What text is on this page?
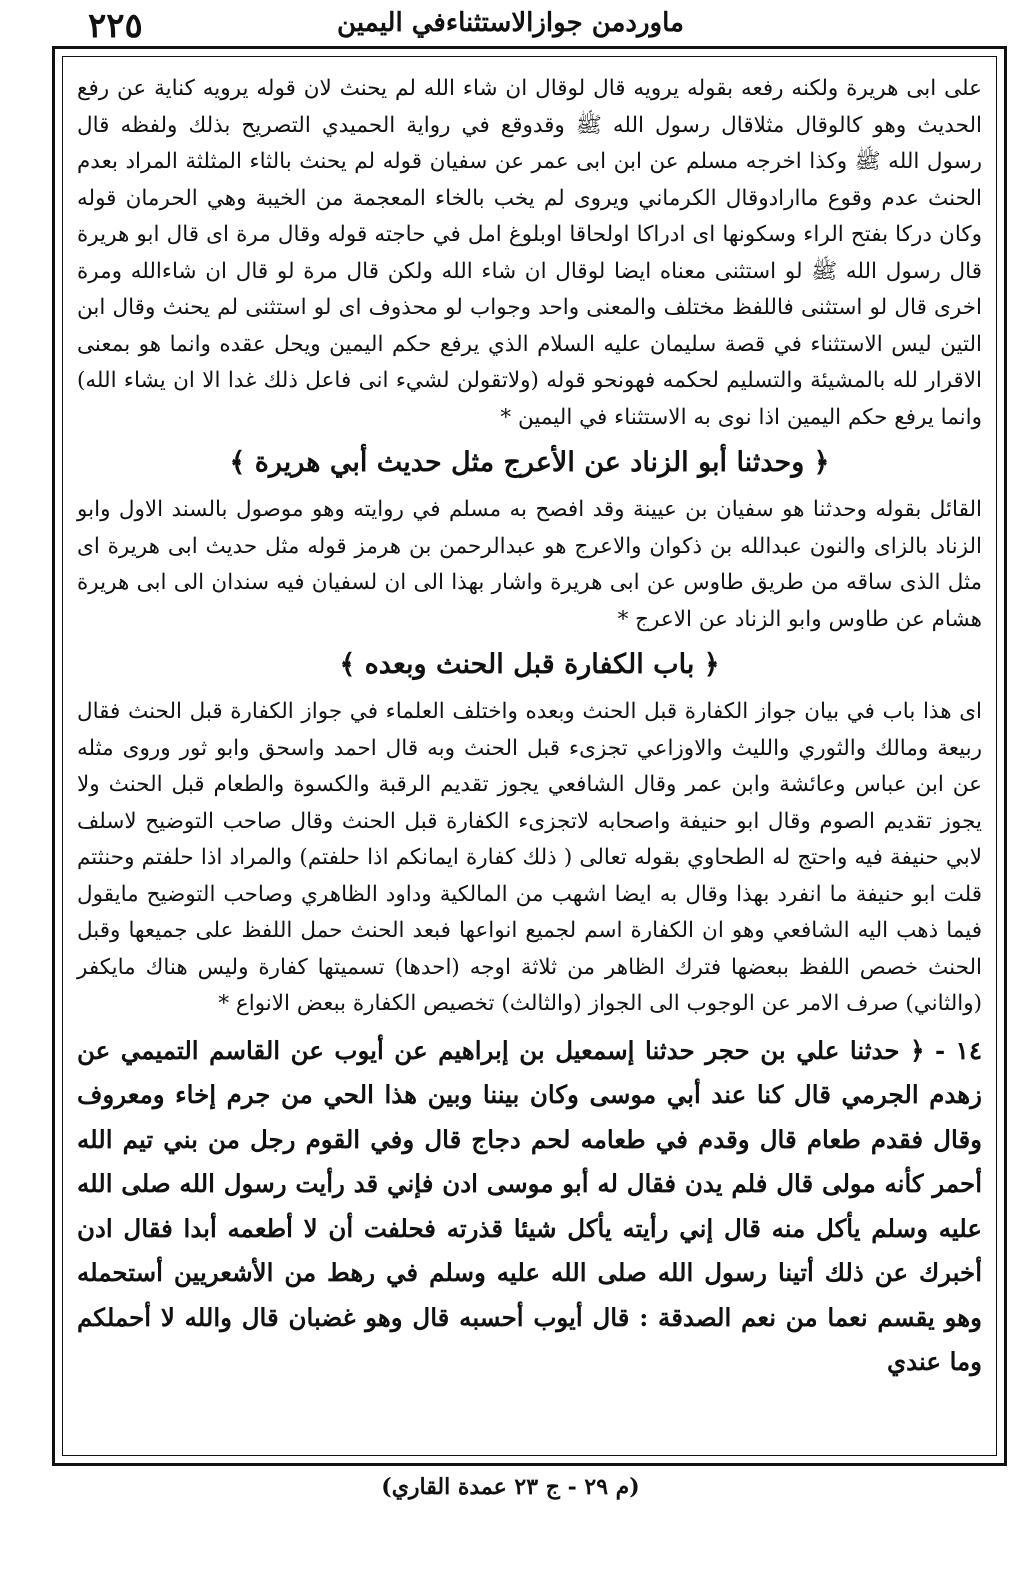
٢٢٥	ماوردمن جوازالاستثناءفي اليمين

على ابى هريرة ولكنه رفعه بقوله يرويه قال لوقال ان شاء الله لم يحنث لان قوله يرويه كناية عن رفع الحديث وهو كالوقال مثلاقال رسول الله ﷺ وقدوقع في رواية الحميدي التصريح بذلك ولفظه قال رسول الله ﷺ وكذا اخرجه مسلم عن ابن ابى عمر عن سفيان قوله لم يحنث بالثاء المثلثة المراد بعدم الحنث عدم وقوع ماارادوقال الكرماني ويروى لم يخب بالخاء المعجمة من الخيبة وهي الحرمان قوله وكان دركا بفتح الراء وسكونها اى ادراكا اولحاقا اوبلوغ امل في حاجته قوله وقال مرة اى قال ابو هريرة قال رسول الله ﷺ لو استثنى معناه ايضا لوقال ان شاء الله ولكن قال مرة لو قال ان شاءالله ومرة اخرى قال لو استثنى فاللفظ مختلف والمعنى واحد وجواب لو محذوف اى لو استثنى لم يحنث وقال ابن التين ليس الاستثناء في قصة سليمان عليه السلام الذي يرفع حكم اليمين ويحل عقده وانما هو بمعنى الاقرار لله بالمشيئة والتسليم لحكمه فهونحو قوله (ولاتقولن لشيء انى فاعل ذلك غدا الا ان يشاء الله) وانما يرفع حكم اليمين اذا نوى به الاستثناء في اليمين *

﴿ وحدثنا أبو الزناد عن الأعرج مثل حديث أبي هريرة ﴾

القائل بقوله وحدثنا هو سفيان بن عيينة وقد افصح به مسلم في روايته وهو موصول بالسند الاول وابو الزناد بالزاى والنون عبدالله بن ذكوان والاعرج هو عبدالرحمن بن هرمز قوله مثل حديث ابى هريرة اى مثل الذى ساقه من طريق طاوس عن ابى هريرة واشار بهذا الى ان لسفيان فيه سندان الى ابى هريرة هشام عن طاوس وابو الزناد عن الاعرج *

﴿ باب الكفارة قبل الحنث وبعده ﴾

اى هذا باب في بيان جواز الكفارة قبل الحنث وبعده واختلف العلماء في جواز الكفارة قبل الحنث فقال ربيعة ومالك والثوري والليث والاوزاعي تجزىء قبل الحنث وبه قال احمد واسحق وابو ثور وروى مثله عن ابن عباس وعائشة وابن عمر وقال الشافعي يجوز تقديم الرقبة والكسوة والطعام قبل الحنث ولا يجوز تقديم الصوم وقال ابو حنيفة واصحابه لاتجزىء الكفارة قبل الحنث وقال صاحب التوضيح لاسلف لابي حنيفة فيه واحتج له الطحاوي بقوله تعالى ( ذلك كفارة ايمانكم اذا حلفتم) والمراد اذا حلفتم وحنثتم قلت ابو حنيفة ما انفرد بهذا وقال به ايضا اشهب من المالكية وداود الظاهري وصاحب التوضيح مايقول فيما ذهب اليه الشافعي وهو ان الكفارة اسم لجميع انواعها فبعد الحنث حمل اللفظ على جميعها وقبل الحنث خصص اللفظ ببعضها فترك الظاهر من ثلاثة اوجه (احدها) تسميتها كفارة وليس هناك مايكفر (والثاني) صرف الامر عن الوجوب الى الجواز (والثالث) تخصيص الكفارة ببعض الانواع *

١٤ - ﴿ حدثنا علي بن حجر حدثنا إسمعيل بن إبراهيم عن أيوب عن القاسم التميمي عن زهدم الجرمي قال كنا عند أبي موسى وكان بيننا وبين هذا الحي من جرم إخاء ومعروف وقال فقدم طعام قال وقدم في طعامه لحم دجاج قال وفي القوم رجل من بني تيم الله أحمر كأنه مولى قال فلم يدن فقال له أبو موسى ادن فإني قد رأيت رسول الله صلى الله عليه وسلم يأكل منه قال إني رأيته يأكل شيئا قذرته فحلفت أن لا أطعمه أبدا فقال ادن أخبرك عن ذلك أتينا رسول الله صلى الله عليه وسلم في رهط من الأشعريين أستحمله وهو يقسم نعما من نعم الصدقة : قال أيوب أحسبه قال وهو غضبان قال والله لا أحملكم وما عندي
(م ٢٩ - ج ٢٣ عمدة القاري)
